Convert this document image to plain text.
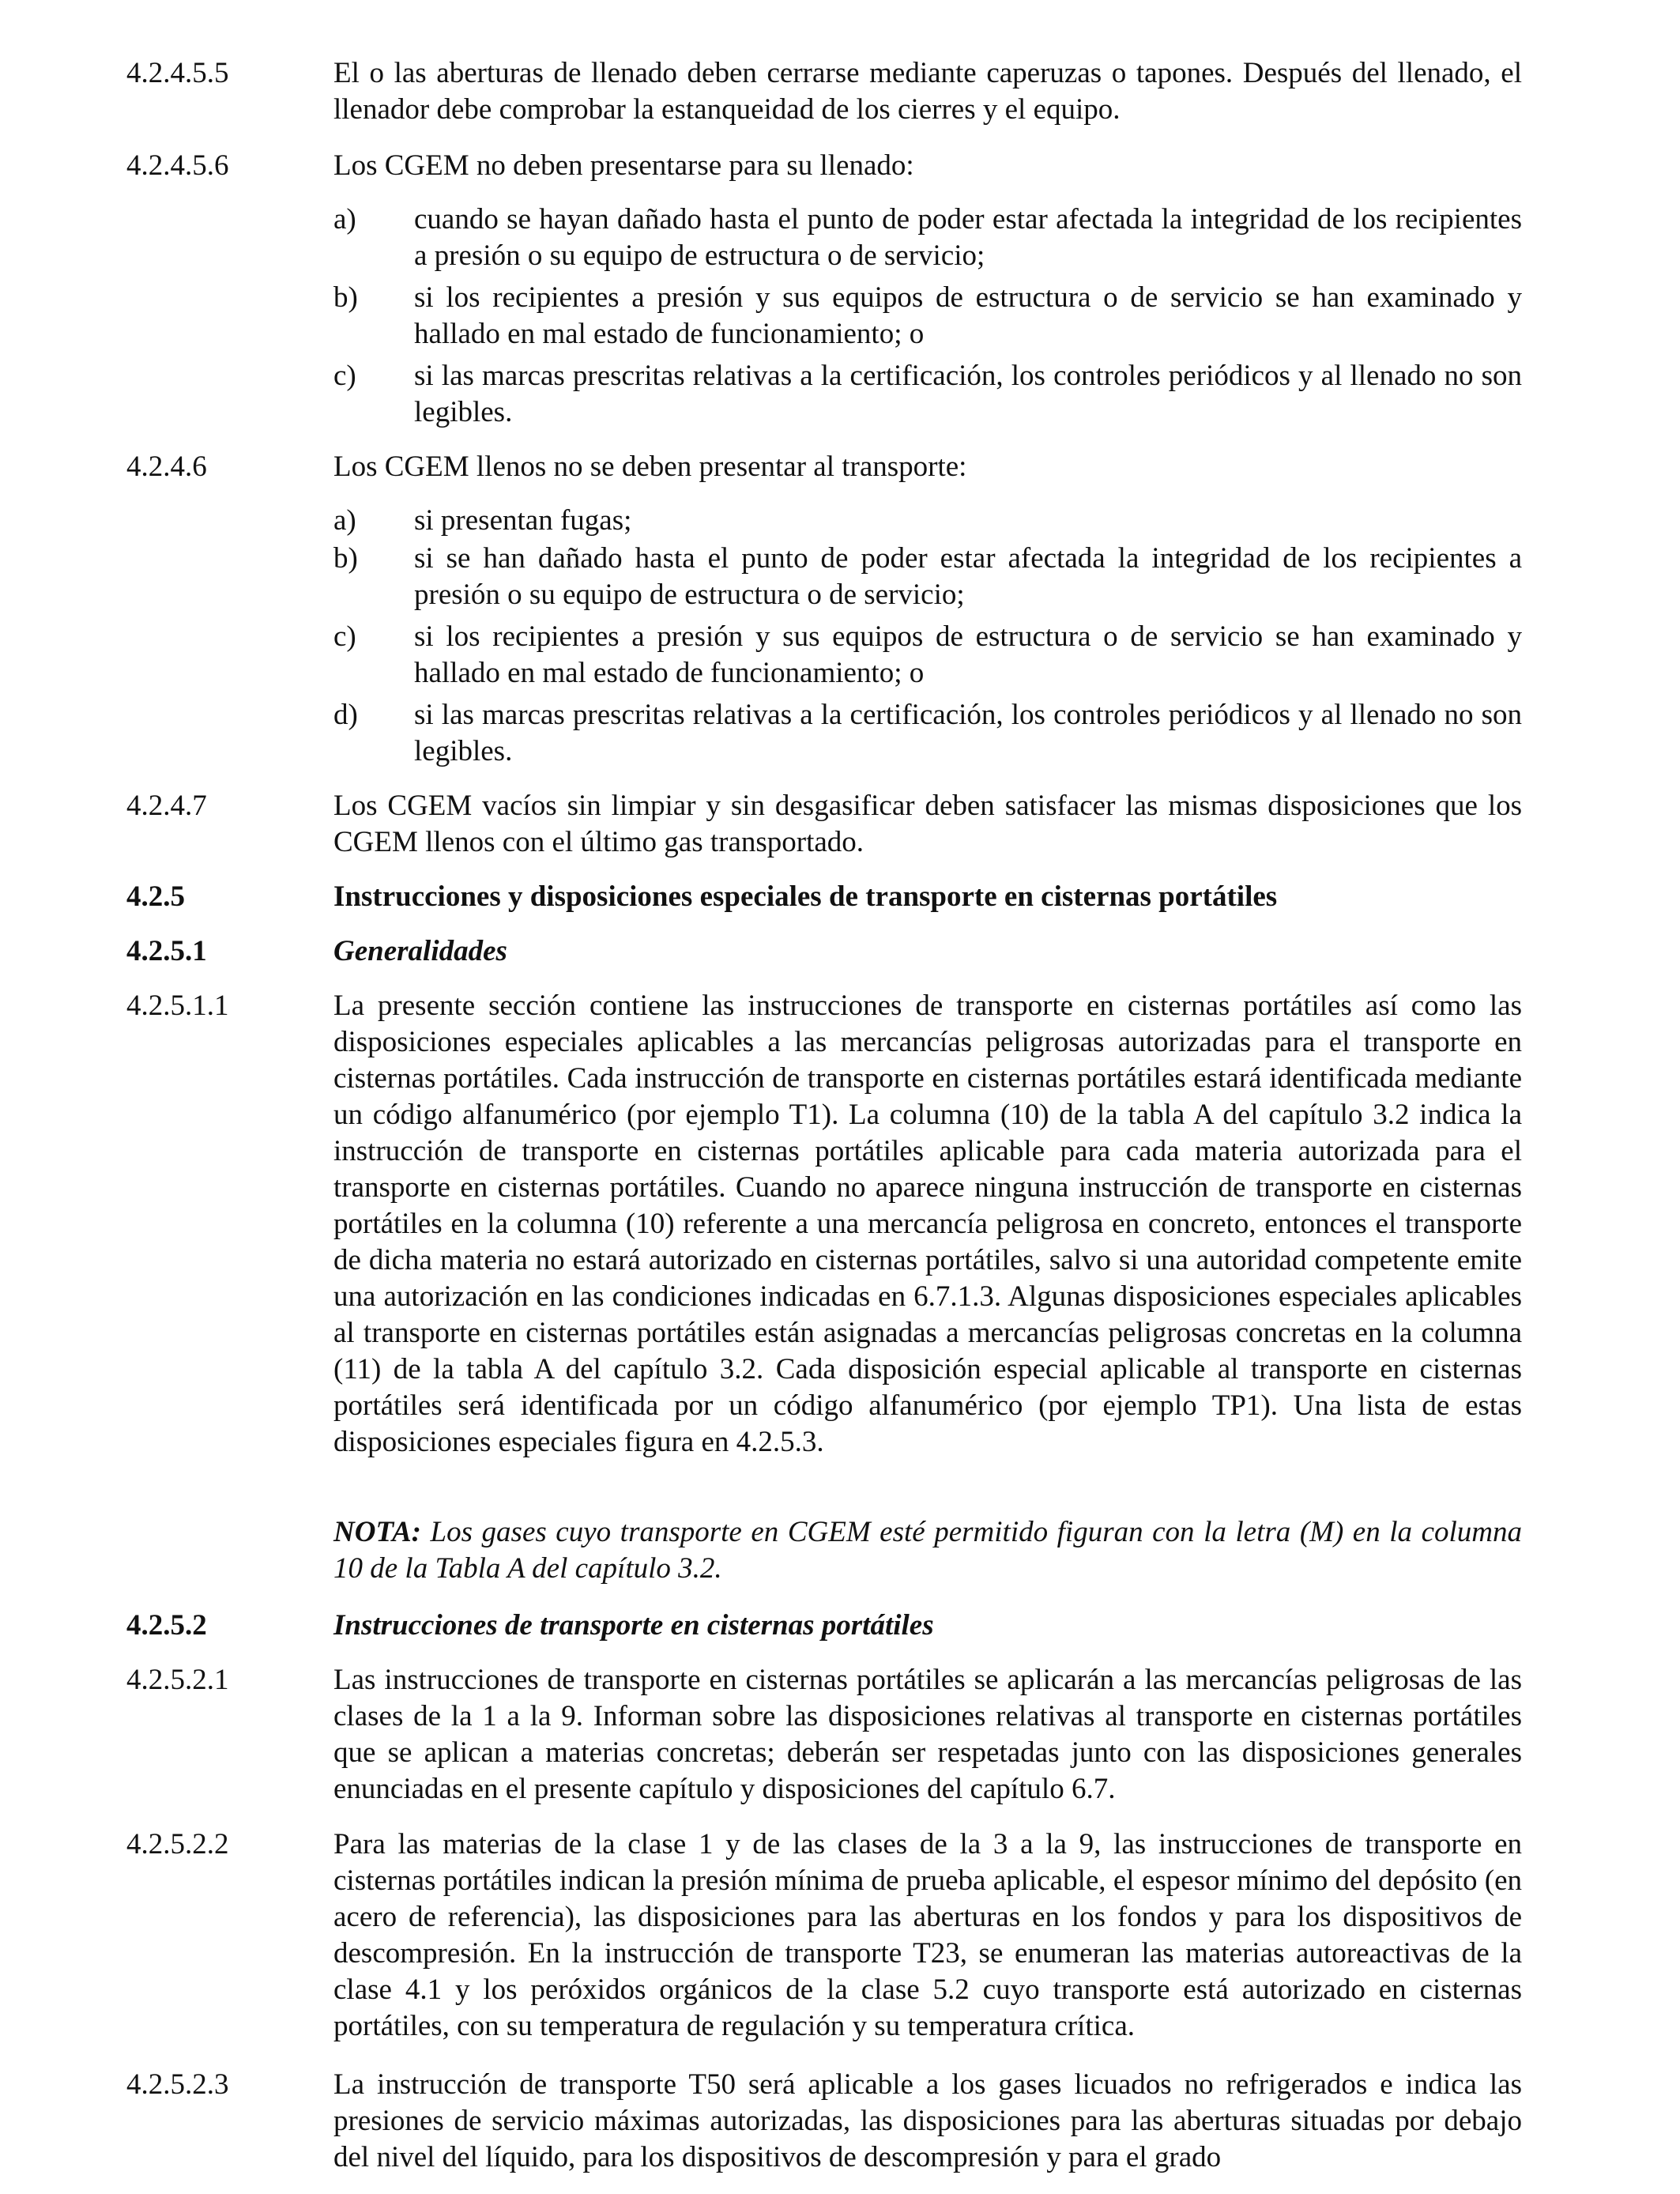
4.2.4.5.5	El o las aberturas de llenado deben cerrarse mediante caperuzas o tapones. Después del llenado, el llenador debe comprobar la estanqueidad de los cierres y el equipo.
4.2.4.5.6	Los CGEM no deben presentarse para su llenado:
a)	cuando se hayan dañado hasta el punto de poder estar afectada la integridad de los recipientes a presión o su equipo de estructura o de servicio;
b)	si los recipientes a presión y sus equipos de estructura o de servicio se han examinado y hallado en mal estado de funcionamiento; o
c)	si las marcas prescritas relativas a la certificación, los controles periódicos y al llenado no son legibles.
4.2.4.6	Los CGEM llenos no se deben presentar al transporte:
a)	si presentan fugas;
b)	si se han dañado hasta el punto de poder estar afectada la integridad de los recipientes a presión o su equipo de estructura o de servicio;
c)	si los recipientes a presión y sus equipos de estructura o de servicio se han examinado y hallado en mal estado de funcionamiento; o
d)	si las marcas prescritas relativas a la certificación, los controles periódicos y al llenado no son legibles.
4.2.4.7	Los CGEM vacíos sin limpiar y sin desgasificar deben satisfacer las mismas disposiciones que los CGEM llenos con el último gas transportado.
4.2.5	Instrucciones y disposiciones especiales de transporte en cisternas portátiles
4.2.5.1	Generalidades
4.2.5.1.1	La presente sección contiene las instrucciones de transporte en cisternas portátiles así como las disposiciones especiales aplicables a las mercancías peligrosas autorizadas para el transporte en cisternas portátiles. Cada instrucción de transporte en cisternas portátiles estará identificada mediante un código alfanumérico (por ejemplo T1). La columna (10) de la tabla A del capítulo 3.2 indica la instrucción de transporte en cisternas portátiles aplicable para cada materia autorizada para el transporte en cisternas portátiles. Cuando no aparece ninguna instrucción de transporte en cisternas portátiles en la columna (10) referente a una mercancía peligrosa en concreto, entonces el transporte de dicha materia no estará autorizado en cisternas portátiles, salvo si una autoridad competente emite una autorización en las condiciones indicadas en 6.7.1.3. Algunas disposiciones especiales aplicables al transporte en cisternas portátiles están asignadas a mercancías peligrosas concretas en la columna (11) de la tabla A del capítulo 3.2. Cada disposición especial aplicable al transporte en cisternas portátiles será identificada por un código alfanumérico (por ejemplo TP1). Una lista de estas disposiciones especiales figura en 4.2.5.3.
NOTA: Los gases cuyo transporte en CGEM esté permitido figuran con la letra (M) en la columna 10 de la Tabla A del capítulo 3.2.
4.2.5.2	Instrucciones de transporte en cisternas portátiles
4.2.5.2.1	Las instrucciones de transporte en cisternas portátiles se aplicarán a las mercancías peligrosas de las clases de la 1 a la 9. Informan sobre las disposiciones relativas al transporte en cisternas portátiles que se aplican a materias concretas; deberán ser respetadas junto con las disposiciones generales enunciadas en el presente capítulo y disposiciones del capítulo 6.7.
4.2.5.2.2	Para las materias de la clase 1 y de las clases de la 3 a la 9, las instrucciones de transporte en cisternas portátiles indican la presión mínima de prueba aplicable, el espesor mínimo del depósito (en acero de referencia), las disposiciones para las aberturas en los fondos y para los dispositivos de descompresión. En la instrucción de transporte T23, se enumeran las materias autoreactivas de la clase 4.1 y los peróxidos orgánicos de la clase 5.2 cuyo transporte está autorizado en cisternas portátiles, con su temperatura de regulación y su temperatura crítica.
4.2.5.2.3	La instrucción de transporte T50 será aplicable a los gases licuados no refrigerados e indica las presiones de servicio máximas autorizadas, las disposiciones para las aberturas situadas por debajo del nivel del líquido, para los dispositivos de descompresión y para el grado
